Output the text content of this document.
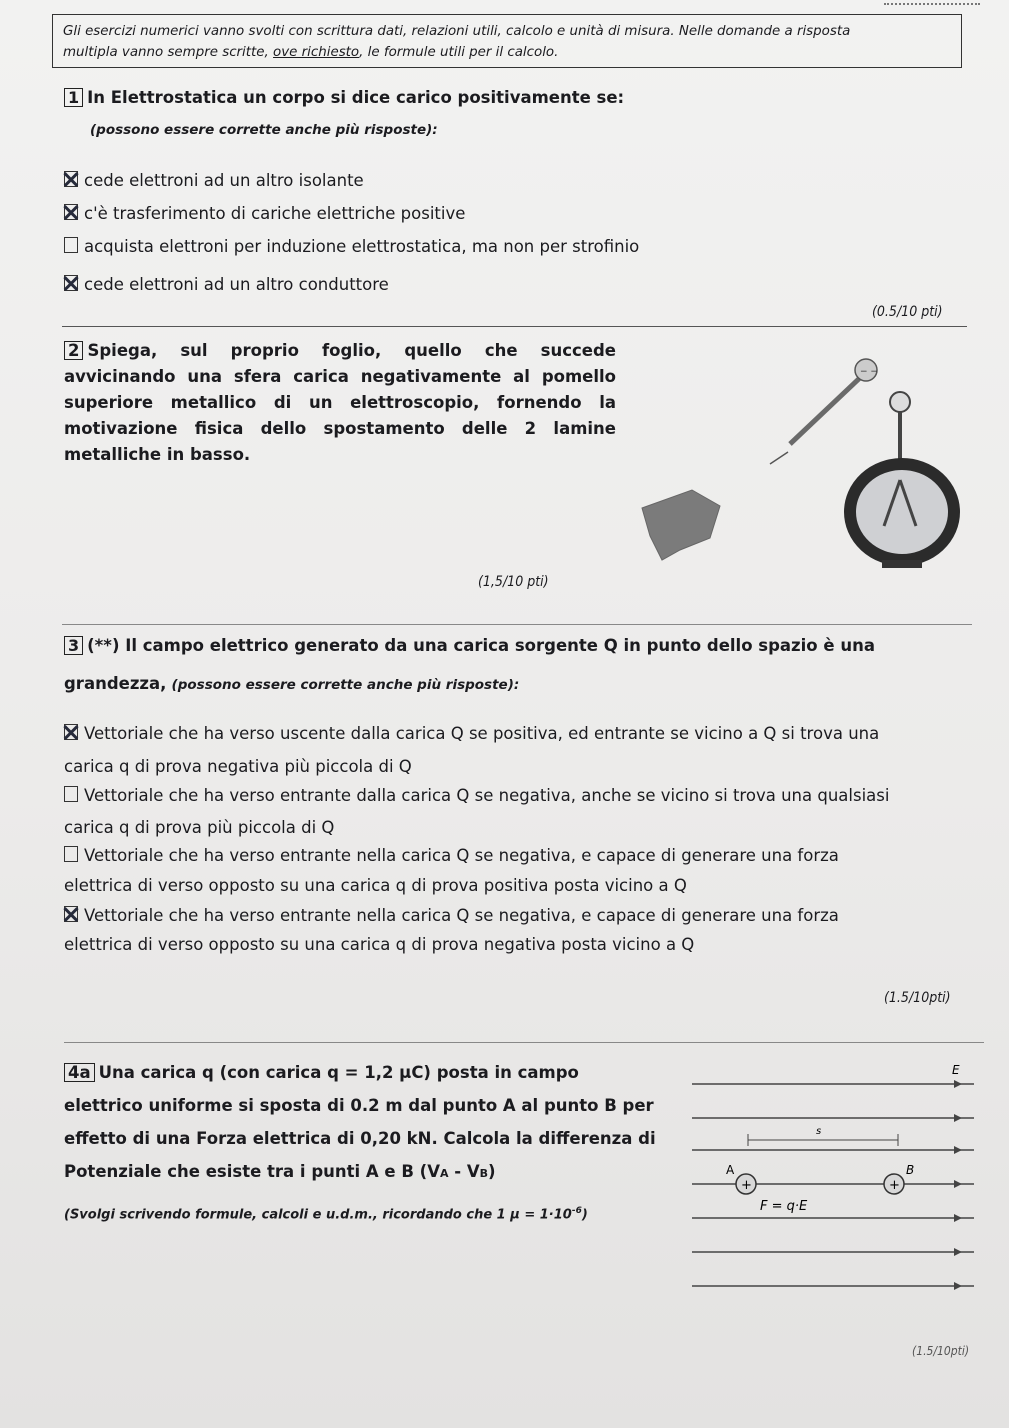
Gli esercizi numerici vanno svolti con scrittura dati, relazioni utili, calcolo e unità di misura. Nelle domande a risposta
multipla vanno sempre scritte, ove richiesto, le formule utili per il calcolo.
1 In Elettrostatica un corpo si dice carico positivamente se:
(possono essere corrette anche più risposte):
cede elettroni ad un altro isolante
c'è trasferimento di cariche elettriche positive
acquista elettroni per induzione elettrostatica, ma non per strofinio
cede elettroni ad un altro conduttore
(0.5/10 pti)
2 Spiega, sul proprio foglio, quello che succede avvicinando una sfera carica negativamente al pomello superiore metallico di un elettroscopio, fornendo la motivazione fisica dello spostamento delle 2 lamine metalliche in basso.
− −
(1,5/10 pti)
3 (**) Il campo elettrico generato da una carica sorgente Q in punto dello spazio è una
grandezza, (possono essere corrette anche più risposte):
Vettoriale che ha verso uscente dalla carica Q se positiva, ed entrante se vicino a Q si trova una
carica q di prova negativa più piccola di Q
Vettoriale che ha verso entrante dalla carica Q se negativa, anche se vicino si trova una qualsiasi
carica q di prova più piccola di Q
Vettoriale che ha verso entrante nella carica Q se negativa, e capace di generare una forza
elettrica di verso opposto su una carica q di prova positiva posta vicino a Q
Vettoriale che ha verso entrante nella carica Q se negativa, e capace di generare una forza
elettrica di verso opposto su una carica q di prova negativa posta vicino a Q
(1.5/10pti)
4a Una carica q (con carica q = 1,2 μC) posta in campo
elettrico uniforme si sposta di 0.2 m dal punto A al punto B per
effetto di una Forza elettrica di 0,20 kN. Calcola la differenza di
Potenziale che esiste tra i punti A e B (VA - VB)
(Svolgi scrivendo formule, calcoli e u.d.m., ricordando che 1 $\mu = 1\cdot 10^{-6}$)
E
s
A	B
+	+
F = q·E
(1.5/10pti)
